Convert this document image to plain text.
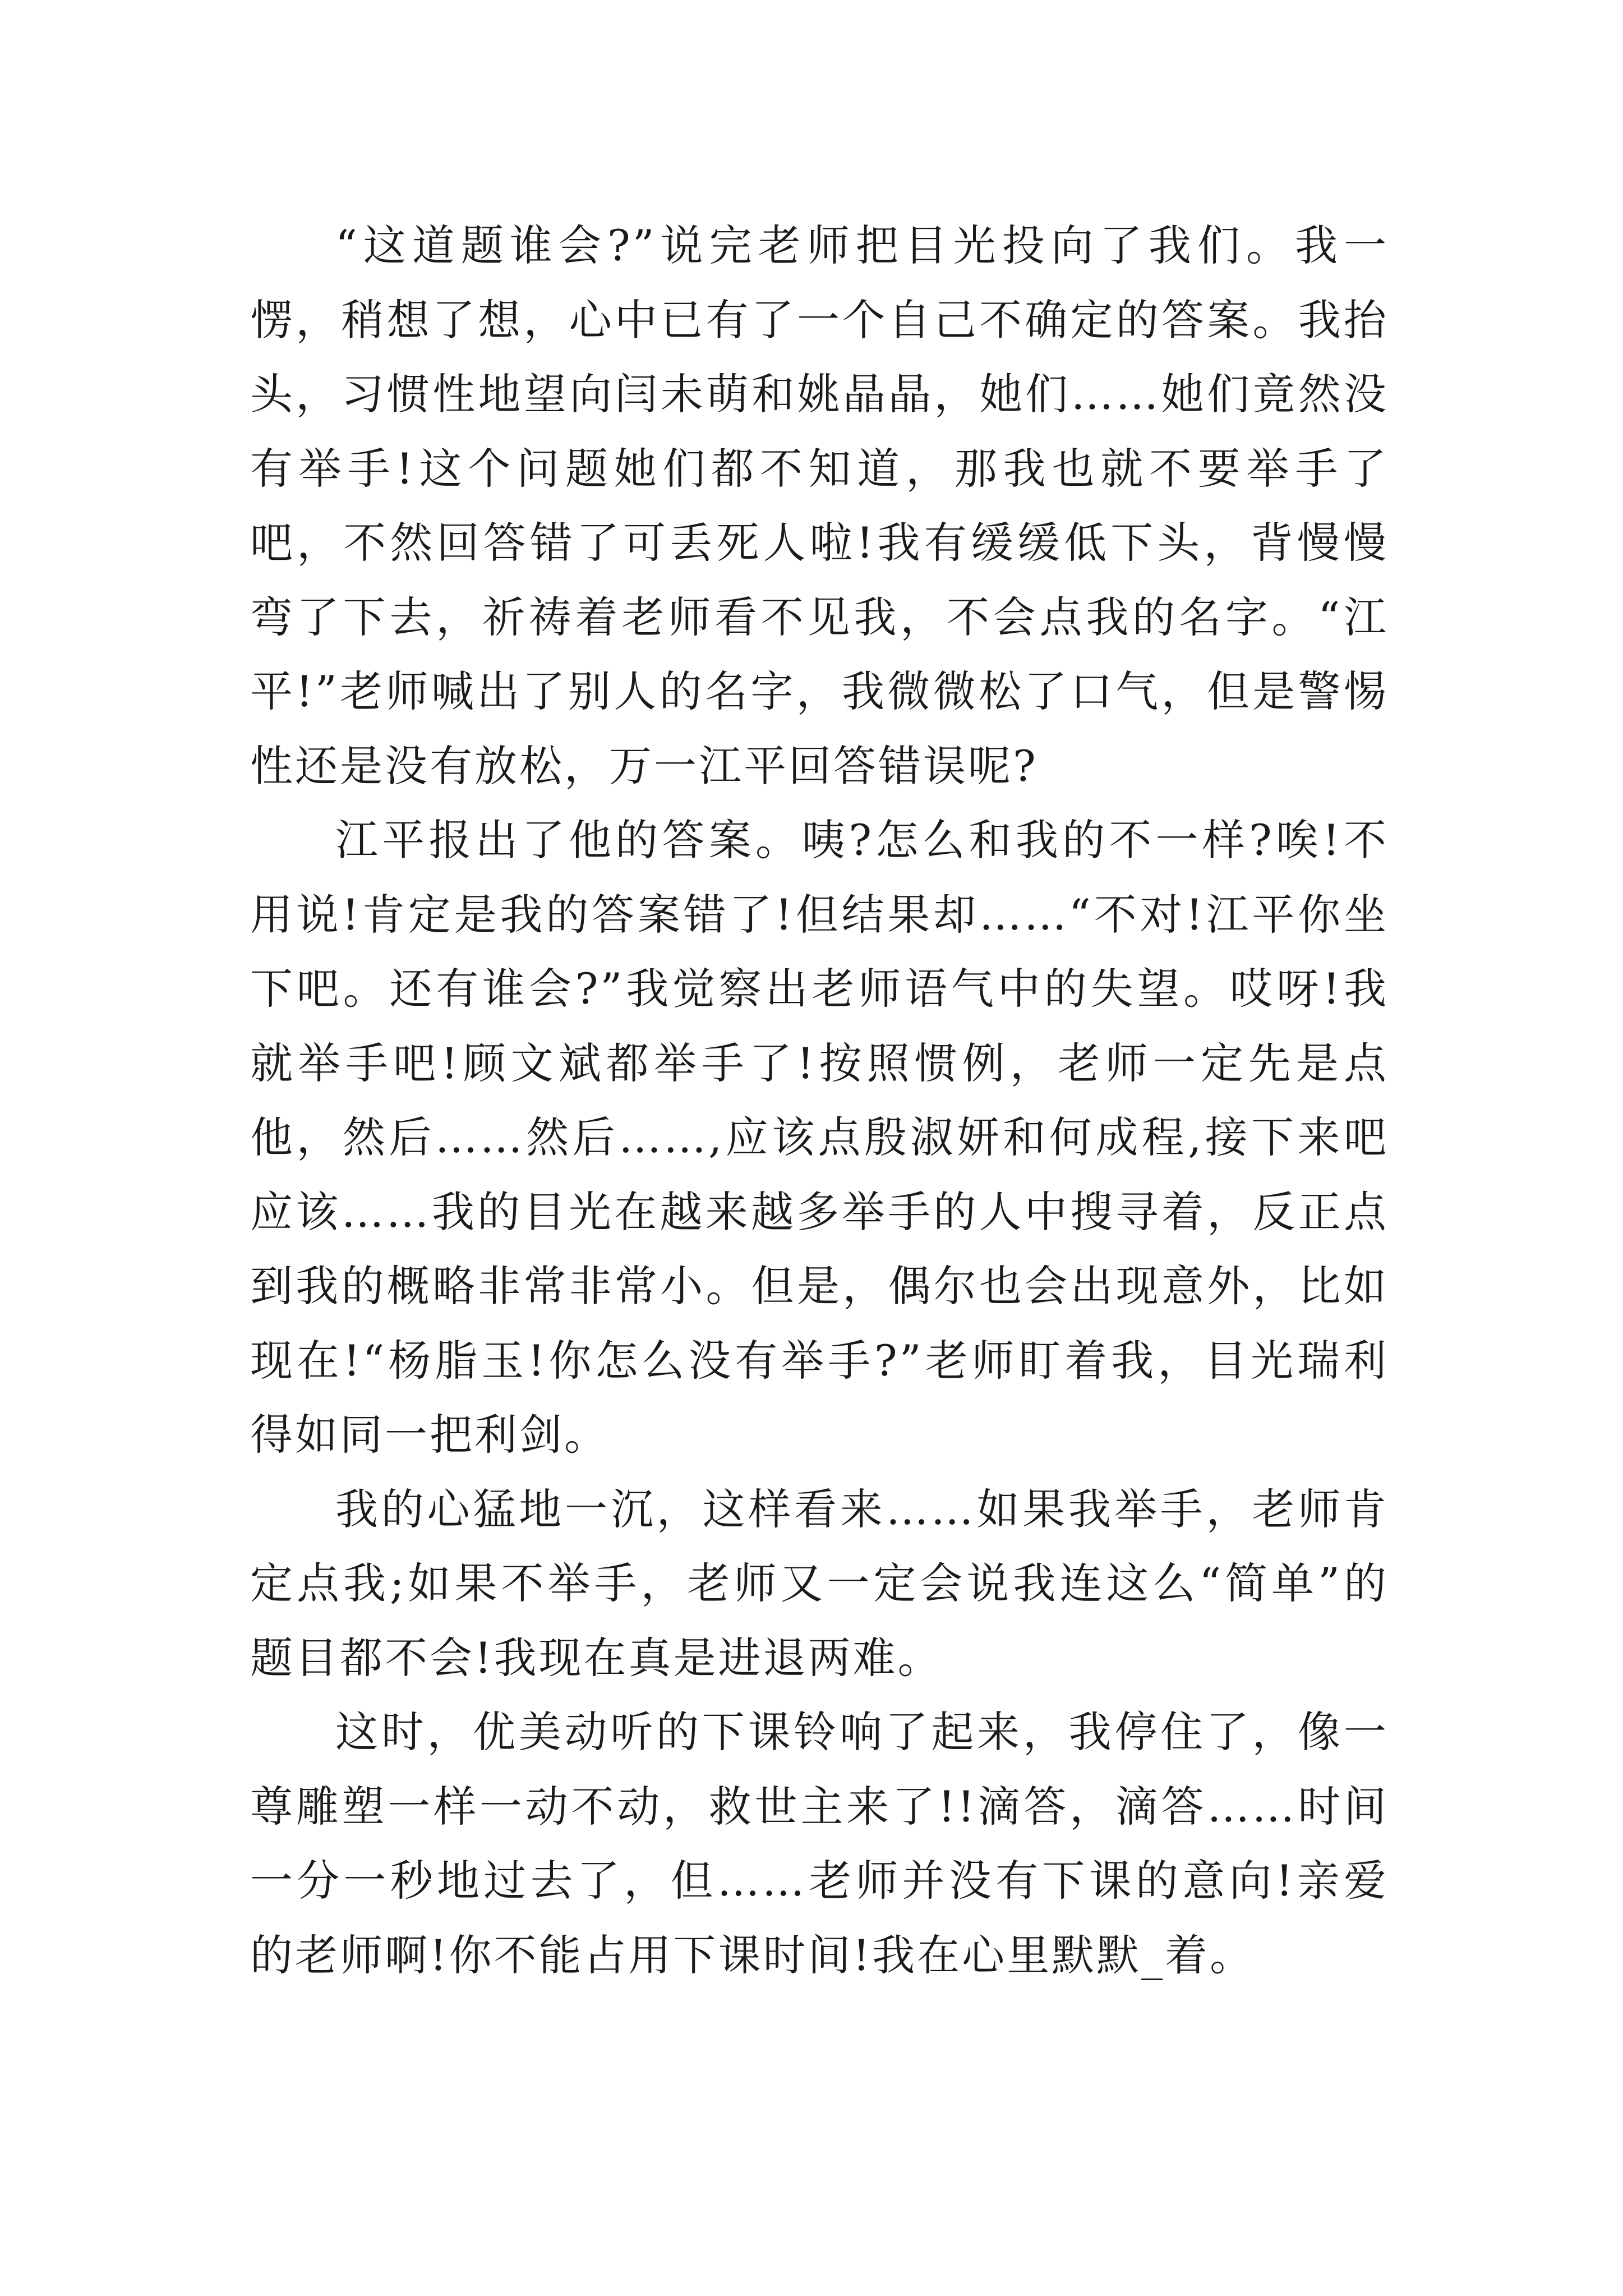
“这道题谁会?”说完老师把目光投向了我们。我一愣，稍想了想，心中已有了一个自己不确定的答案。我抬头，习惯性地望向闫未萌和姚晶晶，她们……她们竟然没有举手!这个问题她们都不知道，那我也就不要举手了吧，不然回答错了可丢死人啦!我有缓缓低下头，背慢慢弯了下去，祈祷着老师看不见我，不会点我的名字。“江平!”老师喊出了别人的名字，我微微松了口气，但是警惕性还是没有放松，万一江平回答错误呢?

江平报出了他的答案。咦?怎么和我的不一样?唉!不用说!肯定是我的答案错了!但结果却……“不对!江平你坐下吧。还有谁会?”我觉察出老师语气中的失望。哎呀!我就举手吧!顾文斌都举手了!按照惯例，老师一定先是点他，然后……然后……,应该点殷淑妍和何成程,接下来吧应该……我的目光在越来越多举手的人中搜寻着，反正点到我的概略非常非常小。但是，偶尔也会出现意外，比如现在!“杨脂玉!你怎么没有举手?”老师盯着我，目光瑞利得如同一把利剑。

我的心猛地一沉，这样看来……如果我举手，老师肯定点我;如果不举手，老师又一定会说我连这么“简单”的题目都不会!我现在真是进退两难。

这时，优美动听的下课铃响了起来，我停住了，像一尊雕塑一样一动不动，救世主来了!!滴答，滴答……时间一分一秒地过去了，但……老师并没有下课的意向!亲爱的老师啊!你不能占用下课时间!我在心里默默_着。
